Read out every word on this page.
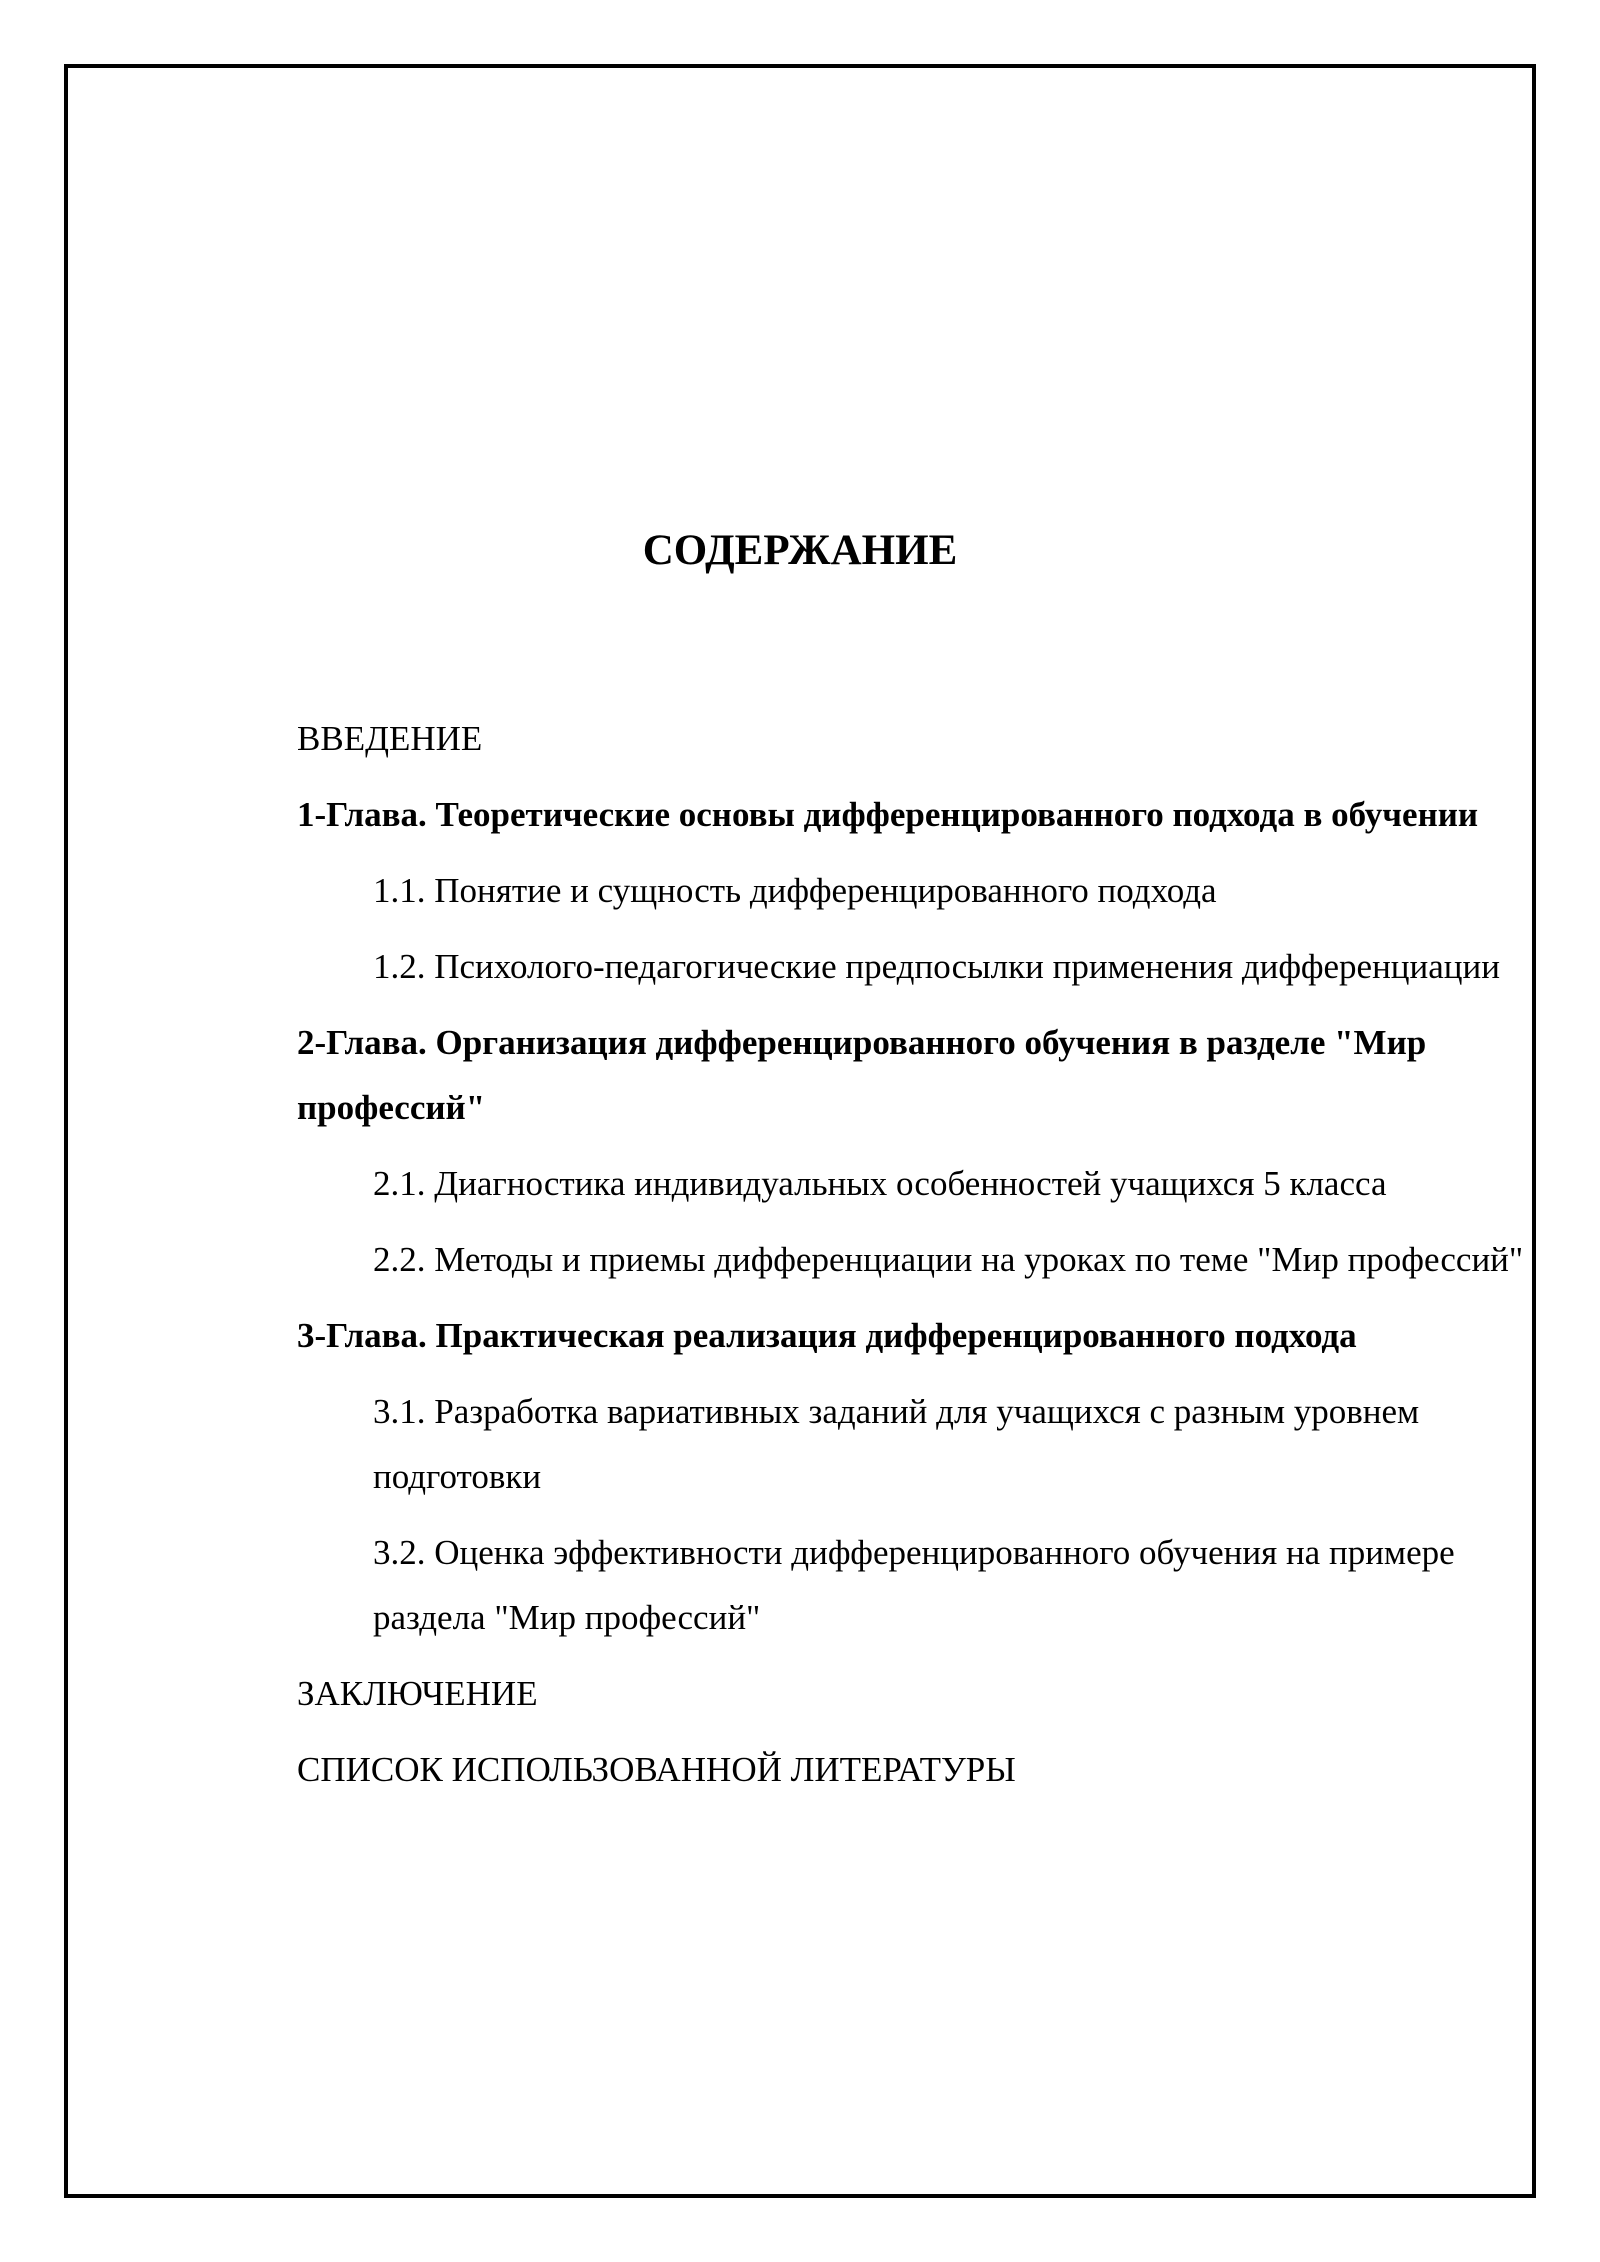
СОДЕРЖАНИЕ
ВВЕДЕНИЕ
1-Глава. Теоретические основы дифференцированного подхода в обучении
1.1. Понятие и сущность дифференцированного подхода
1.2. Психолого-педагогические предпосылки применения дифференциации
2-Глава. Организация дифференцированного обучения в разделе "Мир профессий"
2.1. Диагностика индивидуальных особенностей учащихся 5 класса
2.2. Методы и приемы дифференциации на уроках по теме "Мир профессий"
3-Глава. Практическая реализация дифференцированного подхода
3.1. Разработка вариативных заданий для учащихся с разным уровнем подготовки
3.2. Оценка эффективности дифференцированного обучения на примере раздела "Мир профессий"
ЗАКЛЮЧЕНИЕ
СПИСОК ИСПОЛЬЗОВАННОЙ ЛИТЕРАТУРЫ
